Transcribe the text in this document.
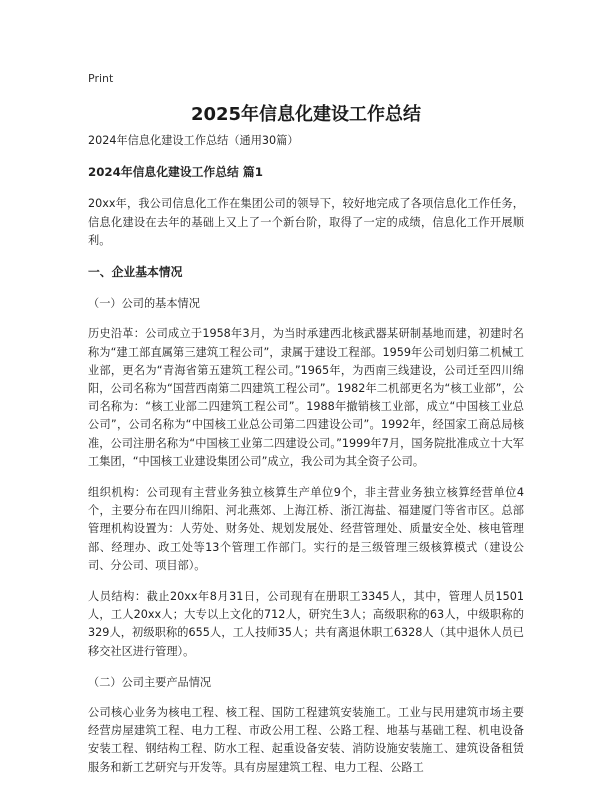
Print
2025年信息化建设工作总结

2024年信息化建设工作总结（通用30篇）

2024年信息化建设工作总结 篇1

20xx年，我公司信息化工作在集团公司的领导下，较好地完成了各项信息化工作任务，信息化建设在去年的基础上又上了一个新台阶，取得了一定的成绩，信息化工作开展顺利。

一、企业基本情况

（一）公司的基本情况

历史沿革：公司成立于1958年3月，为当时承建西北核武器某研制基地而建，初建时名称为“建工部直属第三建筑工程公司”，隶属于建设工程部。1959年公司划归第二机械工业部，更名为“青海省第五建筑工程公司。”1965年，为西南三线建设，公司迁至四川绵阳，公司名称为“国营西南第二四建筑工程公司”。1982年二机部更名为“核工业部”，公司名称为：“核工业部二四建筑工程公司”。1988年撤销核工业部，成立“中国核工业总公司”，公司名称为“中国核工业总公司第二四建设公司”。1992年，经国家工商总局核准，公司注册名称为“中国核工业第二四建设公司。”1999年7月，国务院批准成立十大军工集团，“中国核工业建设集团公司”成立，我公司为其全资子公司。

组织机构：公司现有主营业务独立核算生产单位9个，非主营业务独立核算经营单位4个，主要分布在四川绵阳、河北燕郊、上海江桥、浙江海盐、福建厦门等省市区。总部管理机构设置为：人劳处、财务处、规划发展处、经营管理处、质量安全处、核电管理部、经理办、政工处等13个管理工作部门。实行的是三级管理三级核算模式（建设公司、分公司、项目部）。

人员结构：截止20xx年8月31日，公司现有在册职工3345人，其中，管理人员1501人，工人20xx人；大专以上文化的712人，研究生3人；高级职称的63人，中级职称的329人，初级职称的655人，工人技师35人；共有离退休职工6328人（其中退休人员已移交社区进行管理）。

（二）公司主要产品情况

公司核心业务为核电工程、核工程、国防工程建筑安装施工。工业与民用建筑市场主要经营房屋建筑工程、电力工程、市政公用工程、公路工程、地基与基础工程、机电设备安装工程、钢结构工程、防水工程、起重设备安装、消防设施安装施工、建筑设备租赁服务和新工艺研究与开发等。具有房屋建筑工程、电力工程、公路工
